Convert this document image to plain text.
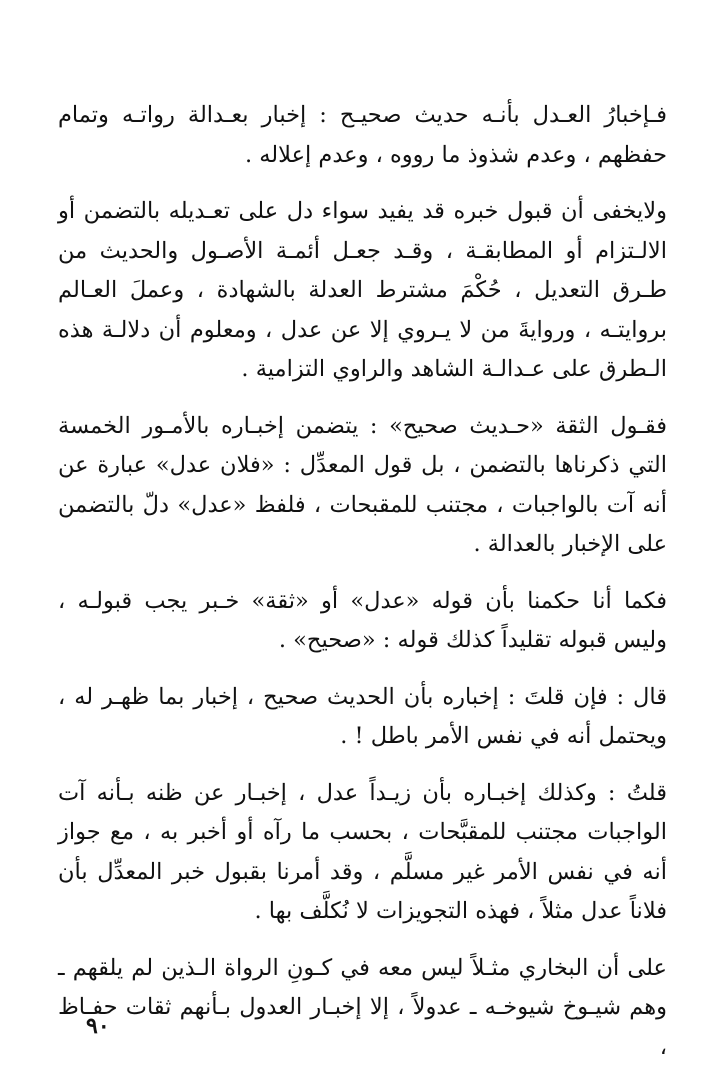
فـإخبارُ العـدل بأنـه حديث صحيـح : إخبار بعـدالة رواتـه وتمام حفظهم ، وعدم شذوذ ما رووه ، وعدم إعلاله .

ولايخفى أن قبول خبره قد يفيد سواء دل على تعـديله بالتضمن أو الالـتزام أو المطابقـة ، وقـد جعـل أئمـة الأصـول والحديث من طـرق التعديل ، حُكْمَ مشترط العدلة بالشهادة ، وعملَ العـالم بروايتـه ، وروايةَ من لا يـروي إلا عن عدل ، ومعلوم أن دلالـة هذه الـطرق على عـدالـة الشاهد والراوي التزامية .

فقـول الثقة «حـديث صحيح» : يتضمن إخبـاره بالأمـور الخمسة التي ذكرناها بالتضمن ، بل قول المعدِّل : «فلان عدل» عبارة عن أنه آت بالواجبات ، مجتنب للمقبحات ، فلفظ «عدل» دلّ بالتضمن على الإخبار بالعدالة .

فكما أنا حكمنا بأن قوله «عدل» أو «ثقة» خـبر يجب قبولـه ، وليس قبوله تقليداً كذلك قوله : «صحيح» .

قال : فإن قلتَ : إخباره بأن الحديث صحيح ، إخبار بما ظهـر له ، ويحتمل أنه في نفس الأمر باطل ! .

قلتُ : وكذلك إخبـاره بأن زيـداً عدل ، إخبـار عن ظنه بـأنه آت الواجبات مجتنب للمقبَّحات ، بحسب ما رآه أو أخبر به ، مع جواز أنه في نفس الأمر غير مسلَّم ، وقد أمرنا بقبول خبر المعدِّل بأن فلاناً عدل مثلاً ، فهذه التجويزات لا نُكلَّف بها .

على أن البخاري مثـلاً ليس معه في كـونِ الرواة الـذين لم يلقهم ـ وهم شيـوخ شيوخـه ـ عدولاً ، إلا إخبـار العدول بـأنهم ثقات حفـاظ ،

٩٠
